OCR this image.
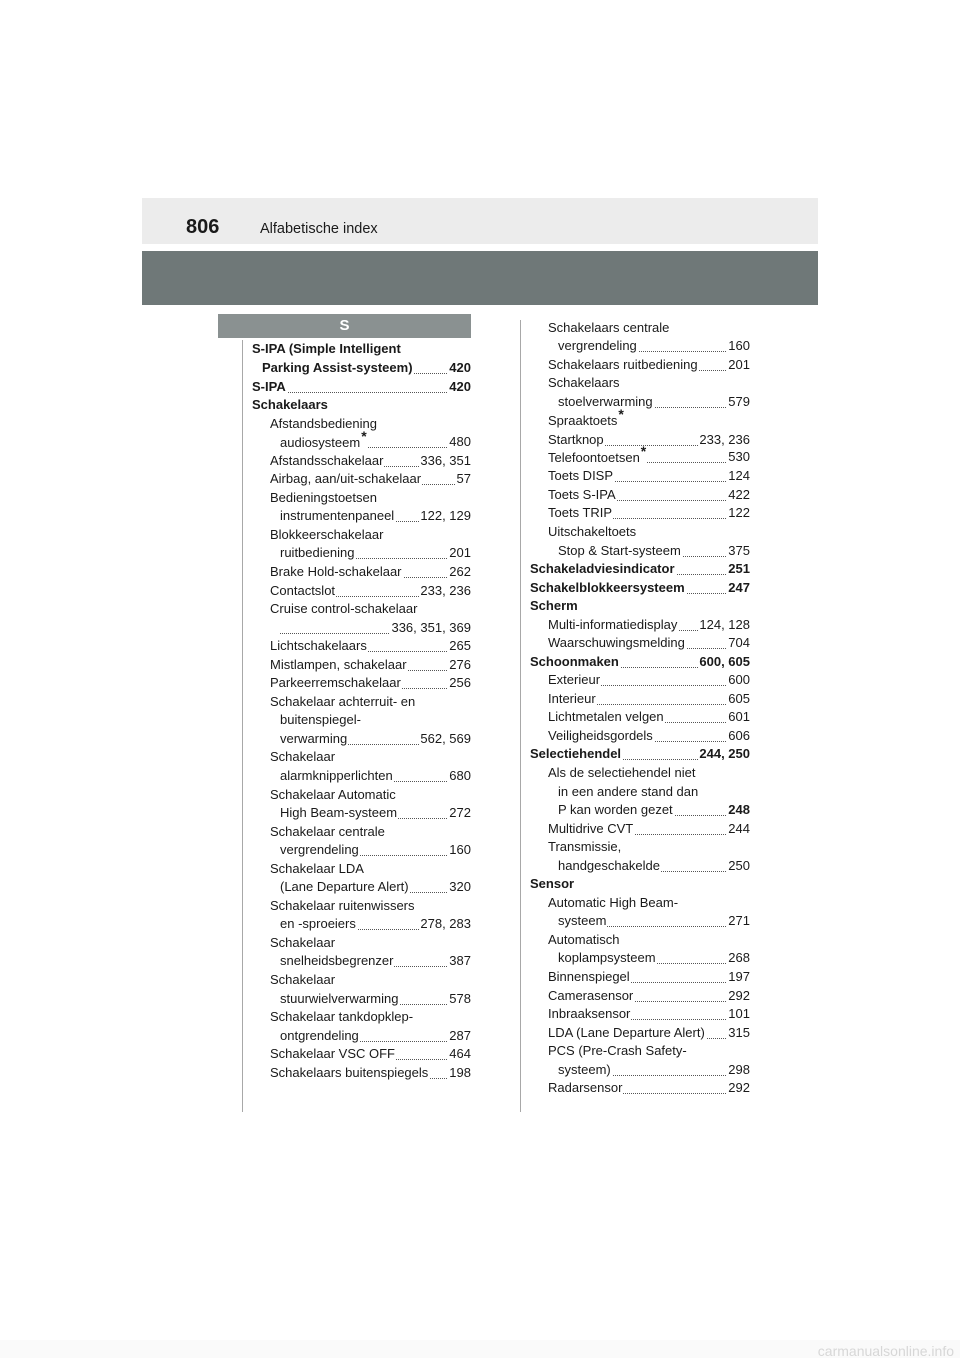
806	Alfabetische index
S
S-IPA (Simple Intelligent
Parking Assist-systeem)	420
S-IPA	420
Schakelaars
Afstandsbediening
audiosysteem*	480
Afstandsschakelaar	336, 351
Airbag, aan/uit-schakelaar	57
Bedieningstoetsen
instrumentenpaneel 122, 129
Blokkeerschakelaar
ruitbediening	201
Brake Hold-schakelaar	262
Contactslot	233, 236
Cruise control-schakelaar
336, 351, 369
Lichtschakelaars	265
Mistlampen, schakelaar	276
Parkeerremschakelaar	256
Schakelaar achterruit- en
buitenspiegel-
verwarming	562, 569
Schakelaar
alarmknipperlichten	680
Schakelaar Automatic
High Beam-systeem	272
Schakelaar centrale
vergrendeling	160
Schakelaar LDA
(Lane Departure Alert)	320
Schakelaar ruitenwissers
en -sproeiers	278, 283
Schakelaar
snelheidsbegrenzer	387
Schakelaar
stuurwielverwarming	578
Schakelaar tankdopklep-
ontgrendeling	287
Schakelaar VSC OFF	464
Schakelaars buitenspiegels 198
Schakelaars centrale
vergrendeling	160
Schakelaars ruitbediening 201
Schakelaars
stoelverwarming	579
Spraaktoets*
Startknop	233, 236
Telefoontoetsen*	530
Toets DISP	124
Toets S-IPA	422
Toets TRIP	122
Uitschakeltoets
Stop & Start-systeem	375
Schakeladviesindicator	251
Schakelblokkeersysteem	247
Scherm
Multi-informatiedisplay 124, 128
Waarschuwingsmelding	704
Schoonmaken	600, 605
Exterieur	600
Interieur	605
Lichtmetalen velgen	601
Veiligheidsgordels	606
Selectiehendel	244, 250
Als de selectiehendel niet
in een andere stand dan
P kan worden gezet	248
Multidrive CVT	244
Transmissie,
handgeschakelde	250
Sensor
Automatic High Beam-
systeem	271
Automatisch
koplampsysteem	268
Binnenspiegel	197
Camerasensor	292
Inbraaksensor	101
LDA (Lane Departure Alert) 315
PCS (Pre-Crash Safety-
systeem)	298
Radarsensor	292
carmanualsonline.info
